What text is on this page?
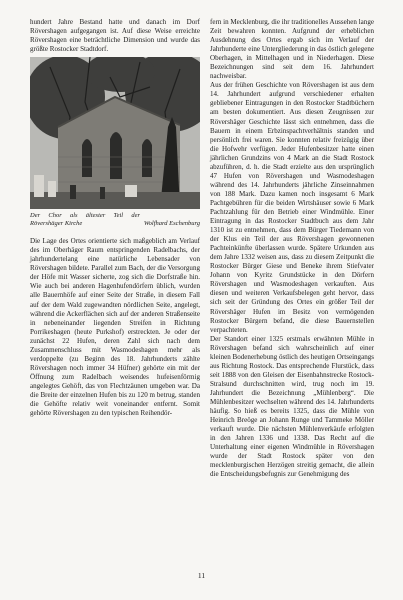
hundert Jahre Bestand hatte und danach im Dorf Rövershagen aufgegangen ist. Auf diese Weise erreichte Rövershagen eine beträchtliche Dimension und wurde das größte Rostocker Stadtdorf.

Der Chor als ältester Teil der Rövershäger Kirche	Wolfhard Eschenburg

Die Lage des Ortes orientierte sich maßgeblich am Verlauf des im Oberhäger Raum entspringenden Radelbachs, der jahrhundertelang eine natürliche Lebensader von Rövershagen bildete. Parallel zum Bach, der die Versorgung der Höfe mit Wasser sicherte, zog sich die Dorfstraße hin. Wie auch bei anderen Hagenhufendörfern üblich, wurden alle Bauernhöfe auf einer Seite der Straße, in diesem Fall auf der dem Wald zugewandten nördlichen Seite, angelegt, während die Ackerflächen sich auf der anderen Straßenseite in nebeneinander liegenden Streifen in Richtung Porrikeshagen (heute Purkshof) erstreckten. Je oder der zunächst 22 Hufen, deren Zahl sich nach dem Zusammenschluss mit Wasmodeshagen mehr als verdoppelte (zu Beginn des 18. Jahrhunderts zählte Rövershagen noch immer 34 Hüfner) gehörte ein mit der Öffnung zum Radelbach weisendes hufeisenförmig angelegtes Gehöft, das von Flechtzäunen umgeben war. Da die Breite der einzelnen Hufen bis zu 120 m betrug, standen die Gehöfte relativ weit voneinander entfernt. Somit gehörte Rövershagen zu den typischen Reihendör-

fern in Mecklenburg, die ihr traditionelles Aussehen lange Zeit bewahren konnten. Aufgrund der erheblichen Ausdehnung des Ortes ergab sich im Verlauf der Jahrhunderte eine Untergliederung in das östlich gelegene Oberhagen, in Mittelhagen und in Niederhagen. Diese Bezeichnungen sind seit dem 16. Jahrhundert nachweisbar.

Aus der frühen Geschichte von Rövershagen ist aus dem 14. Jahrhundert aufgrund verschiedener erhalten gebliebener Eintragungen in den Rostocker Stadtbüchern am besten dokumentiert. Aus diesen Zeugnissen zur Rövershäger Geschichte lässt sich entnehmen, dass die Bauern in einem Erbzinspachtverhältnis standen und persönlich frei waren. Sie konnten relativ freizügig über die Hofwehr verfügen. Jeder Hufenbesitzer hatte einen jährlichen Grundzins von 4 Mark an die Stadt Rostock abzuführen, d. h. die Stadt erzielte aus den ursprünglich 47 Hufen von Rövershagen und Wasmodeshagen während des 14. Jahrhunderts jährliche Zinseinnahmen von 188 Mark. Dazu kamen noch insgesamt 6 Mark Pachtgebühren für die beiden Wirtshäuser sowie 6 Mark Pachtzahlung für den Betrieb einer Windmühle. Einer Eintragung in das Rostocker Stadtbuch aus dem Jahr 1310 ist zu entnehmen, dass dem Bürger Tiedemann von der Klus ein Teil der aus Rövershagen gewonnenen Pachteinkünfte überlassen wurde. Spätere Urkunden aus dem Jahre 1332 weisen aus, dass zu diesem Zeitpunkt die Rostocker Bürger Giese und Beneke ihrem Stiefvater Johann von Kyritz Grundstücke in den Dörfern Rövershagen und Wasmodeshagen verkauften. Aus diesen und weiteren Verkaufsbelegen geht hervor, dass sich seit der Gründung des Ortes ein größer Teil der Rövershäger Hufen im Besitz von vermögenden Rostocker Bürgern befand, die diese Bauernstellen verpachteten.

Der Standort einer 1325 erstmals erwähnten Mühle in Rövershagen befand sich wahrscheinlich auf einer kleinen Bodenerhebung östlich des heutigen Ortseingangs aus Richtung Rostock. Das entsprechende Flurstück, dass seit 1888 von den Gleisen der Eisenbahnstrecke Rostock-Stralsund durchschnitten wird, trug noch im 19. Jahrhundert die Bezeichnung „Mühlenberg“. Die Mühlenbesitzer wechselten während des 14. Jahrhunderts häufig. So hieß es bereits 1325, dass die Mühle von Heinrich Breöge an Johann Runge und Tammeke Möller verkauft wurde. Die nächsten Mühlenverkäufe erfolgten in den Jahren 1336 und 1338. Das Recht auf die Unterhaltung einer eigenen Windmühle in Rövershagen wurde der Stadt Rostock später von den mecklenburgischen Herzögen streitig gemacht, die allein die Entscheidungsbefugnis zur Genehmigung des

11
